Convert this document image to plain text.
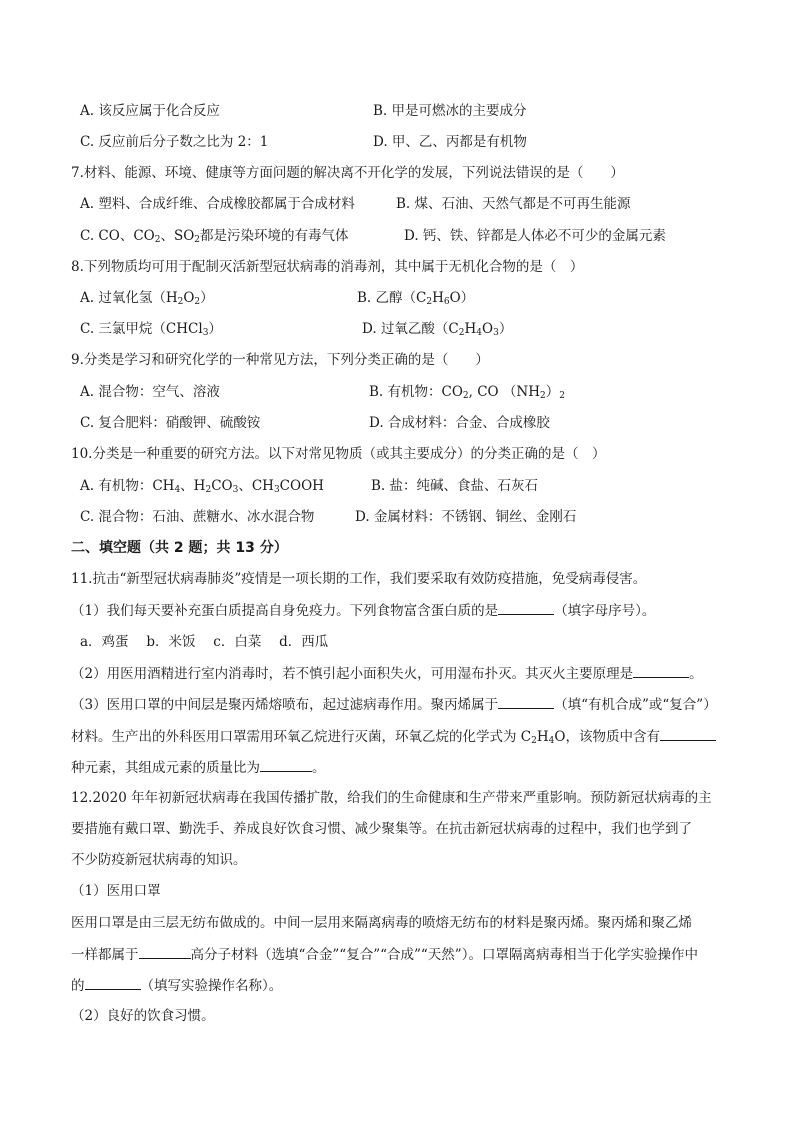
A. 该反应属于化合反应	B. 甲是可燃冰的主要成分
C. 反应前后分子数之比为 2：1	D. 甲、乙、丙都是有机物
7.材料、能源、环境、健康等方面问题的解决离不开化学的发展，下列说法错误的是（　　）
A. 塑料、合成纤维、合成橡胶都属于合成材料	B. 煤、石油、天然气都是不可再生能源
C. CO、$CO_2$、$SO_2$都是污染环境的有毒气体	D. 钙、铁、锌都是人体必不可少的金属元素
8.下列物质均可用于配制灭活新型冠状病毒的消毒剂，其中属于无机化合物的是（　）
A. 过氧化氢$(H_2O_2)$	B. 乙醇$(C_2H_6O)$
C. 三氯甲烷（CHCl$_3$）	D. 过氧乙酸$(C_2H_4O_3)$
9.分类是学习和研究化学的一种常见方法，下列分类正确的是（　　）
A. 混合物：空气、溶液	B. 有机物：$CO_2$, CO $(NH_2)_2$
C. 复合肥料：硝酸钾、硫酸铵	D. 合成材料：合金、合成橡胶
10.分类是一种重要的研究方法。以下对常见物质（或其主要成分）的分类正确的是（　）
A. 有机物：$CH_4$、$H_2CO_3$、$CH_3COOH$	B. 盐：纯碱、食盐、石灰石
C. 混合物：石油、蔗糖水、冰水混合物	D. 金属材料：不锈钢、铜丝、金刚石
二、填空题（共 2 题；共 13 分）
11.抗击“新型冠状病毒肺炎”疫情是一项长期的工作，我们要采取有效防疫措施，免受病毒侵害。
（1）我们每天要补充蛋白质提高自身免疫力。下列食物富含蛋白质的是	（填字母序号）。
a．鸡蛋　 b．米饭　 c．白菜　 d．西瓜
（2）用医用酒精进行室内消毒时，若不慎引起小面积失火，可用湿布扑灭。其灭火主要原理是	。
（3）医用口罩的中间层是聚丙烯熔喷布，起过滤病毒作用。聚丙烯属于	（填“有机合成”或“复合”）
材料。生产出的外科医用口罩需用环氧乙烷进行灭菌，环氧乙烷的化学式为 $C_2H_4O$，该物质中含有
种元素，其组成元素的质量比为	。
12.2020 年年初新冠状病毒在我国传播扩散，给我们的生命健康和生产带来严重影响。预防新冠状病毒的主
要措施有戴口罩、勤洗手、养成良好饮食习惯、减少聚集等。在抗击新冠状病毒的过程中，我们也学到了
不少防疫新冠状病毒的知识。
（1）医用口罩
医用口罩是由三层无纺布做成的。中间一层用来隔离病毒的喷熔无纺布的材料是聚丙烯。聚丙烯和聚乙烯
一样都属于	高分子材料（选填“合金”“复合”“合成”“天然”）。口罩隔离病毒相当于化学实验操作中
的	（填写实验操作名称）。
（2）良好的饮食习惯。
